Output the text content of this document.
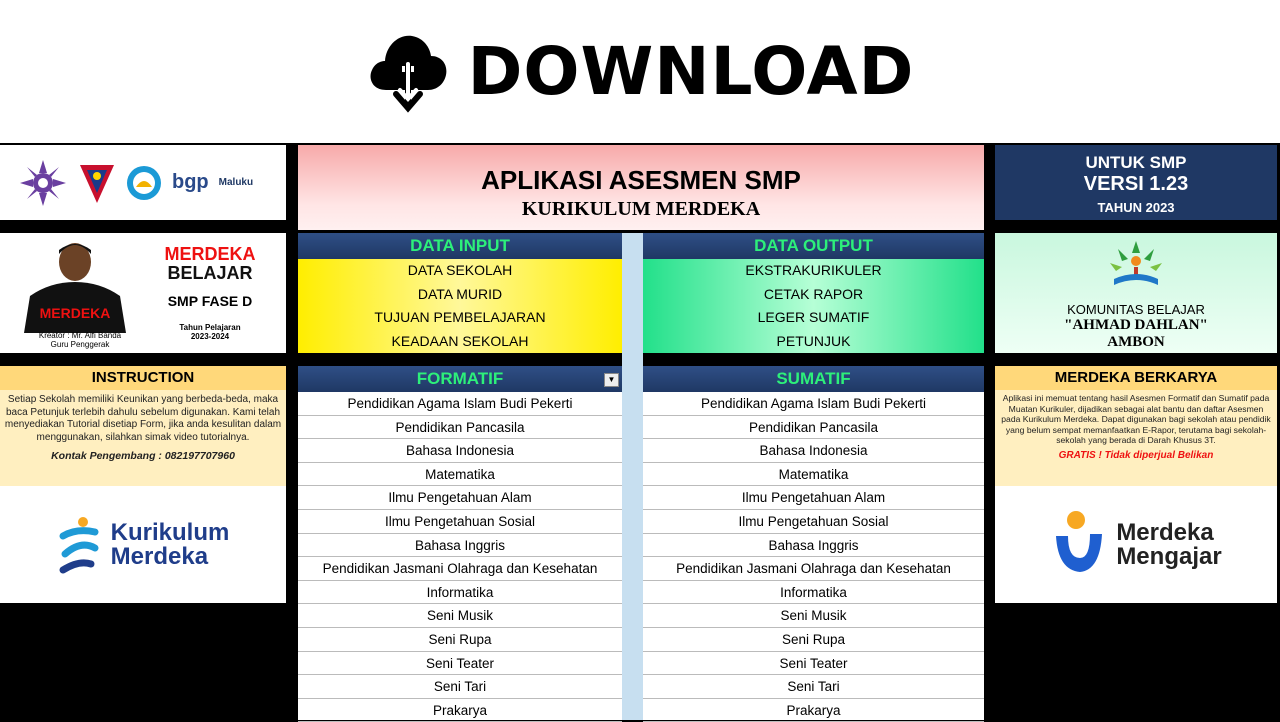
DOWNLOAD
bgp Maluku
MERDEKA
Kreator : Mr. Alfi Banda
Guru Penggerak
MERDEKA
BELAJAR
SMP FASE D
Tahun Pelajaran
2023-2024
INSTRUCTION
Setiap Sekolah memiliki Keunikan yang berbeda-beda, maka baca Petunjuk terlebih dahulu sebelum digunakan. Kami telah menyediakan Tutorial disetiap Form, jika anda kesulitan dalam menggunakan, silahkan simak video tutorialnya.
Kontak Pengembang : 082197707960
Kurikulum
Merdeka
APLIKASI ASESMEN SMP
KURIKULUM MERDEKA
DATA INPUT
DATA SEKOLAH
DATA MURID
TUJUAN PEMBELAJARAN
KEADAAN SEKOLAH
DATA OUTPUT
EKSTRAKURIKULER
CETAK RAPOR
LEGER SUMATIF
PETUNJUK
FORMATIF	▼
Pendidikan Agama Islam Budi Pekerti
Pendidikan Pancasila
Bahasa Indonesia
Matematika
Ilmu Pengetahuan Alam
Ilmu Pengetahuan Sosial
Bahasa Inggris
Pendidikan Jasmani Olahraga dan Kesehatan
Informatika
Seni Musik
Seni Rupa
Seni Teater
Seni Tari
Prakarya
SUMATIF
Pendidikan Agama Islam Budi Pekerti
Pendidikan Pancasila
Bahasa Indonesia
Matematika
Ilmu Pengetahuan Alam
Ilmu Pengetahuan Sosial
Bahasa Inggris
Pendidikan Jasmani Olahraga dan Kesehatan
Informatika
Seni Musik
Seni Rupa
Seni Teater
Seni Tari
Prakarya
UNTUK SMP
VERSI 1.23
TAHUN 2023
KOMUNITAS BELAJAR
"AHMAD DAHLAN"
AMBON
MERDEKA BERKARYA
Aplikasi ini memuat tentang hasil Asesmen Formatif dan Sumatif pada Muatan Kurikuler, dijadikan sebagai alat bantu dan daftar Asesmen pada Kurikulum Merdeka. Dapat digunakan bagi sekolah atau pendidik yang belum sempat memanfaatkan E-Rapor, terutama bagi sekolah-sekolah yang berada di Darah Khusus 3T.
GRATIS ! Tidak diperjual Belikan
Merdeka
Mengajar
